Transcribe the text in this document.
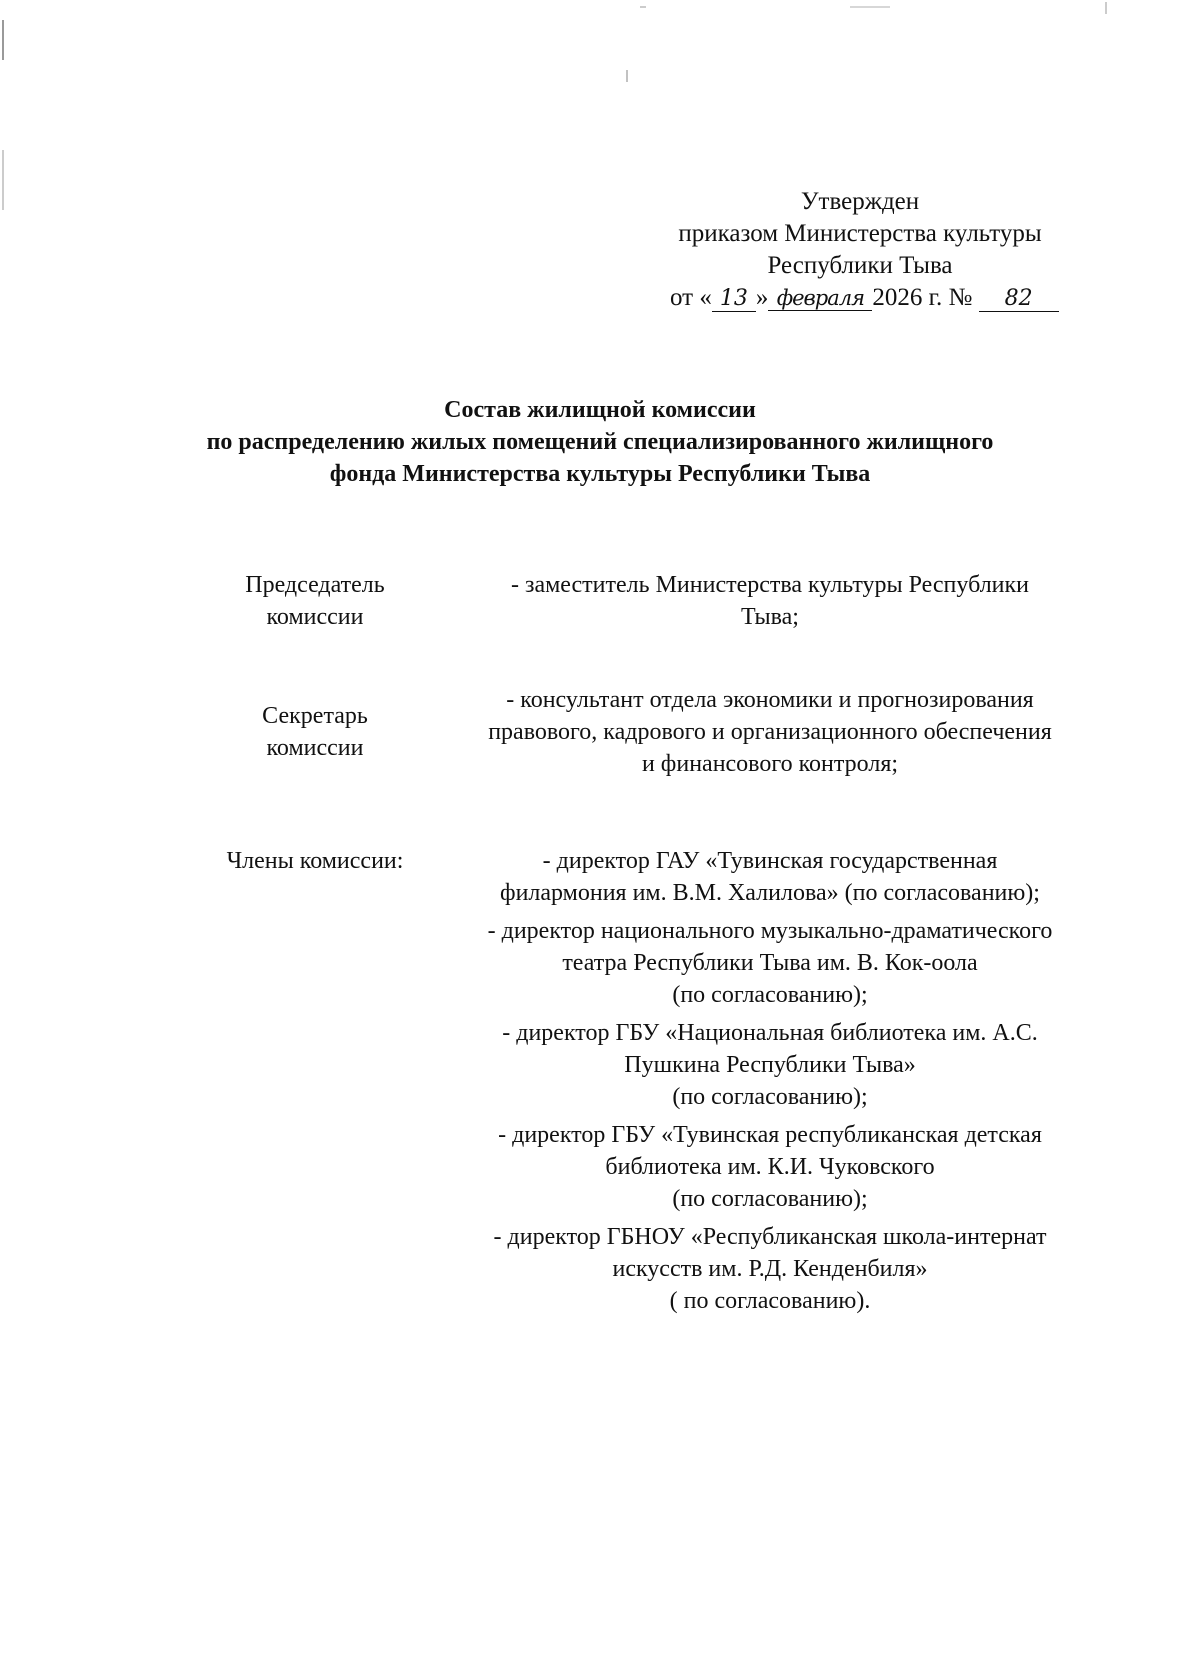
Утвержден
приказом Министерства культуры
Республики Тыва
от « 13 » февраля 2026 г. № 82
Состав жилищной комиссии
по распределению жилых помещений специализированного жилищного
фонда Министерства культуры Республики Тыва
Председатель
комиссии
- заместитель Министерства культуры Республики
Тыва;
Секретарь
комиссии
- консультант отдела экономики и прогнозирования
правового, кадрового и организационного обеспечения
и финансового контроля;
Члены комиссии:	- директор ГАУ «Тувинская государственная
филармония им. В.М. Халилова» (по согласованию);
- директор национального музыкально-драматического
театра Республики Тыва им. В. Кок-оола
(по согласованию);
- директор ГБУ «Национальная библиотека им. А.С.
Пушкина Республики Тыва»
(по согласованию);
- директор ГБУ «Тувинская республиканская детская
библиотека им. К.И. Чуковского
(по согласованию);
- директор ГБНОУ «Республиканская школа-интернат
искусств им. Р.Д. Кенденбиля»
( по согласованию).
